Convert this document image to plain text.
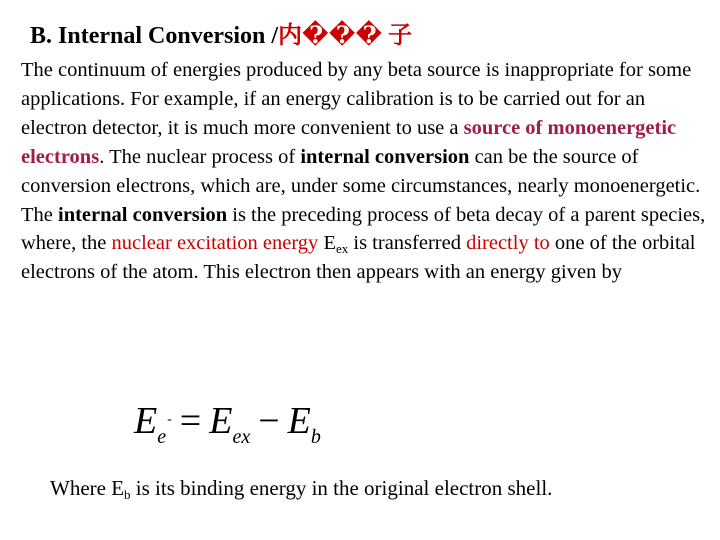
B. Internal Conversion /内��� 子
The continuum of energies produced by any beta source is inappropriate for some applications. For example, if an energy calibration is to be carried out for an electron detector, it is much more convenient to use a source of monoenergetic electrons. The nuclear process of internal conversion can be the source of conversion electrons, which are, under some circumstances, nearly monoenergetic.
The internal conversion is the preceding process of beta decay of a parent species, where, the nuclear excitation energy $E_{ex}$ is transferred directly to one of the orbital electrons of the atom. This electron then appears with an energy given by
$E_e^- = E_{ex} - E_b$
Where $E_b$ is its binding energy in the original electron shell.
